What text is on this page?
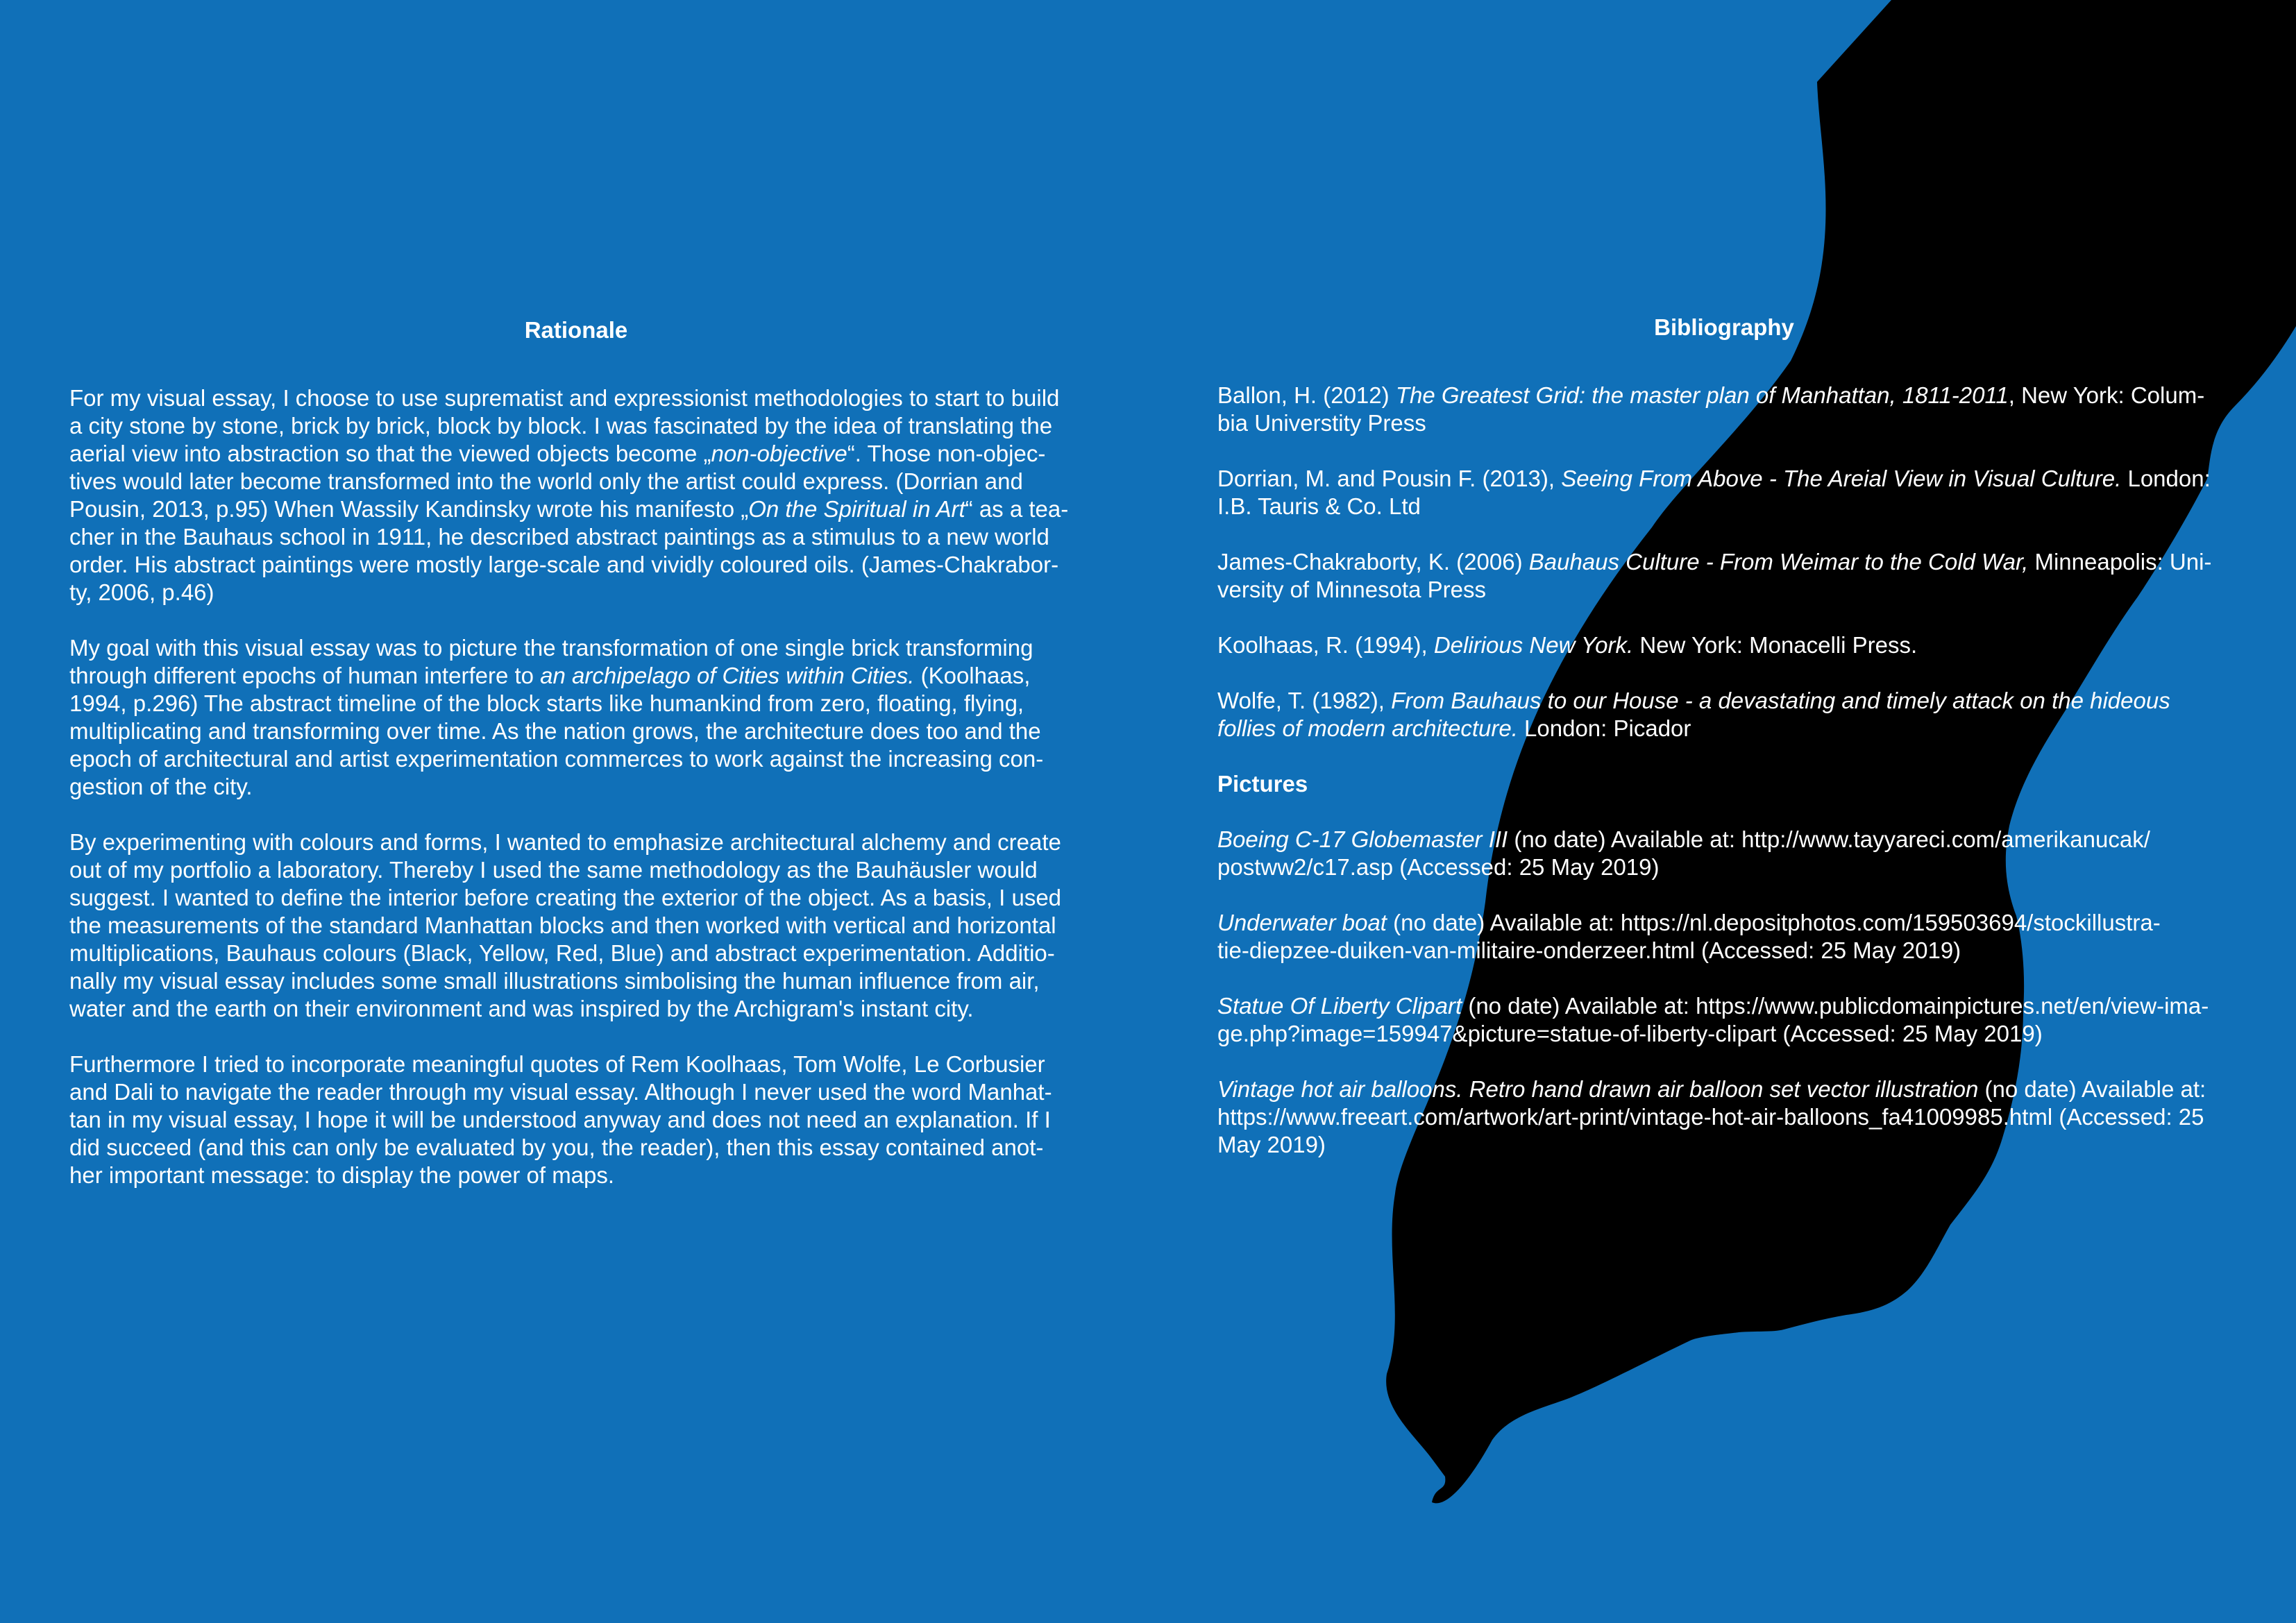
Rationale

For my visual essay, I choose to use suprematist and expressionist methodologies to start to build
a city stone by stone, brick by brick, block by block. I was fascinated by the idea of translating the
aerial view into abstraction so that the viewed objects become „non-objective“. Those non-objec-
tives would later become transformed into the world only the artist could express. (Dorrian and
Pousin, 2013, p.95) When Wassily Kandinsky wrote his manifesto „On the Spiritual in Art“ as a tea-
cher in the Bauhaus school in 1911, he described abstract paintings as a stimulus to a new world
order. His abstract paintings were mostly large-scale and vividly coloured oils. (James-Chakrabor-
ty, 2006, p.46)

My goal with this visual essay was to picture the transformation of one single brick transforming
through different epochs of human interfere to an archipelago of Cities within Cities. (Koolhaas,
1994, p.296) The abstract timeline of the block starts like humankind from zero, floating, flying,
multiplicating and transforming over time. As the nation grows, the architecture does too and the
epoch of architectural and artist experimentation commerces to work against the increasing con-
gestion of the city.

By experimenting with colours and forms, I wanted to emphasize architectural alchemy and create
out of my portfolio a laboratory. Thereby I used the same methodology as the Bauhäusler would
suggest. I wanted to define the interior before creating the exterior of the object. As a basis, I used
the measurements of the standard Manhattan blocks and then worked with vertical and horizontal
multiplications, Bauhaus colours (Black, Yellow, Red, Blue) and abstract experimentation. Additio-
nally my visual essay includes some small illustrations simbolising the human influence from air,
water and the earth on their environment and was inspired by the Archigram's instant city.

Furthermore I tried to incorporate meaningful quotes of Rem Koolhaas, Tom Wolfe, Le Corbusier
and Dali to navigate the reader through my visual essay. Although I never used the word Manhat-
tan in my visual essay, I hope it will be understood anyway and does not need an explanation. If I
did succeed (and this can only be evaluated by you, the reader), then this essay contained anot-
her important message: to display the power of maps.

Bibliography

Ballon, H. (2012) The Greatest Grid: the master plan of Manhattan, 1811-2011, New York: Colum-
bia Universtity Press

Dorrian, M. and Pousin F. (2013), Seeing From Above - The Areial View in Visual Culture. London:
I.B. Tauris & Co. Ltd

James-Chakraborty, K. (2006) Bauhaus Culture - From Weimar to the Cold War, Minneapolis: Uni-
versity of Minnesota Press

Koolhaas, R. (1994), Delirious New York. New York: Monacelli Press.

Wolfe, T. (1982), From Bauhaus to our House - a devastating and timely attack on the hideous
follies of modern architecture. London: Picador

Pictures

Boeing C-17 Globemaster III (no date) Available at: http://www.tayyareci.com/amerikanucak/
postww2/c17.asp (Accessed: 25 May 2019)

Underwater boat (no date) Available at: https://nl.depositphotos.com/159503694/stockillustra-
tie-diepzee-duiken-van-militaire-onderzeer.html (Accessed: 25 May 2019)

Statue Of Liberty Clipart (no date) Available at: https://www.publicdomainpictures.net/en/view-ima-
ge.php?image=159947&picture=statue-of-liberty-clipart (Accessed: 25 May 2019)

Vintage hot air balloons. Retro hand drawn air balloon set vector illustration (no date) Available at:
https://www.freeart.com/artwork/art-print/vintage-hot-air-balloons_fa41009985.html (Accessed: 25
May 2019)
